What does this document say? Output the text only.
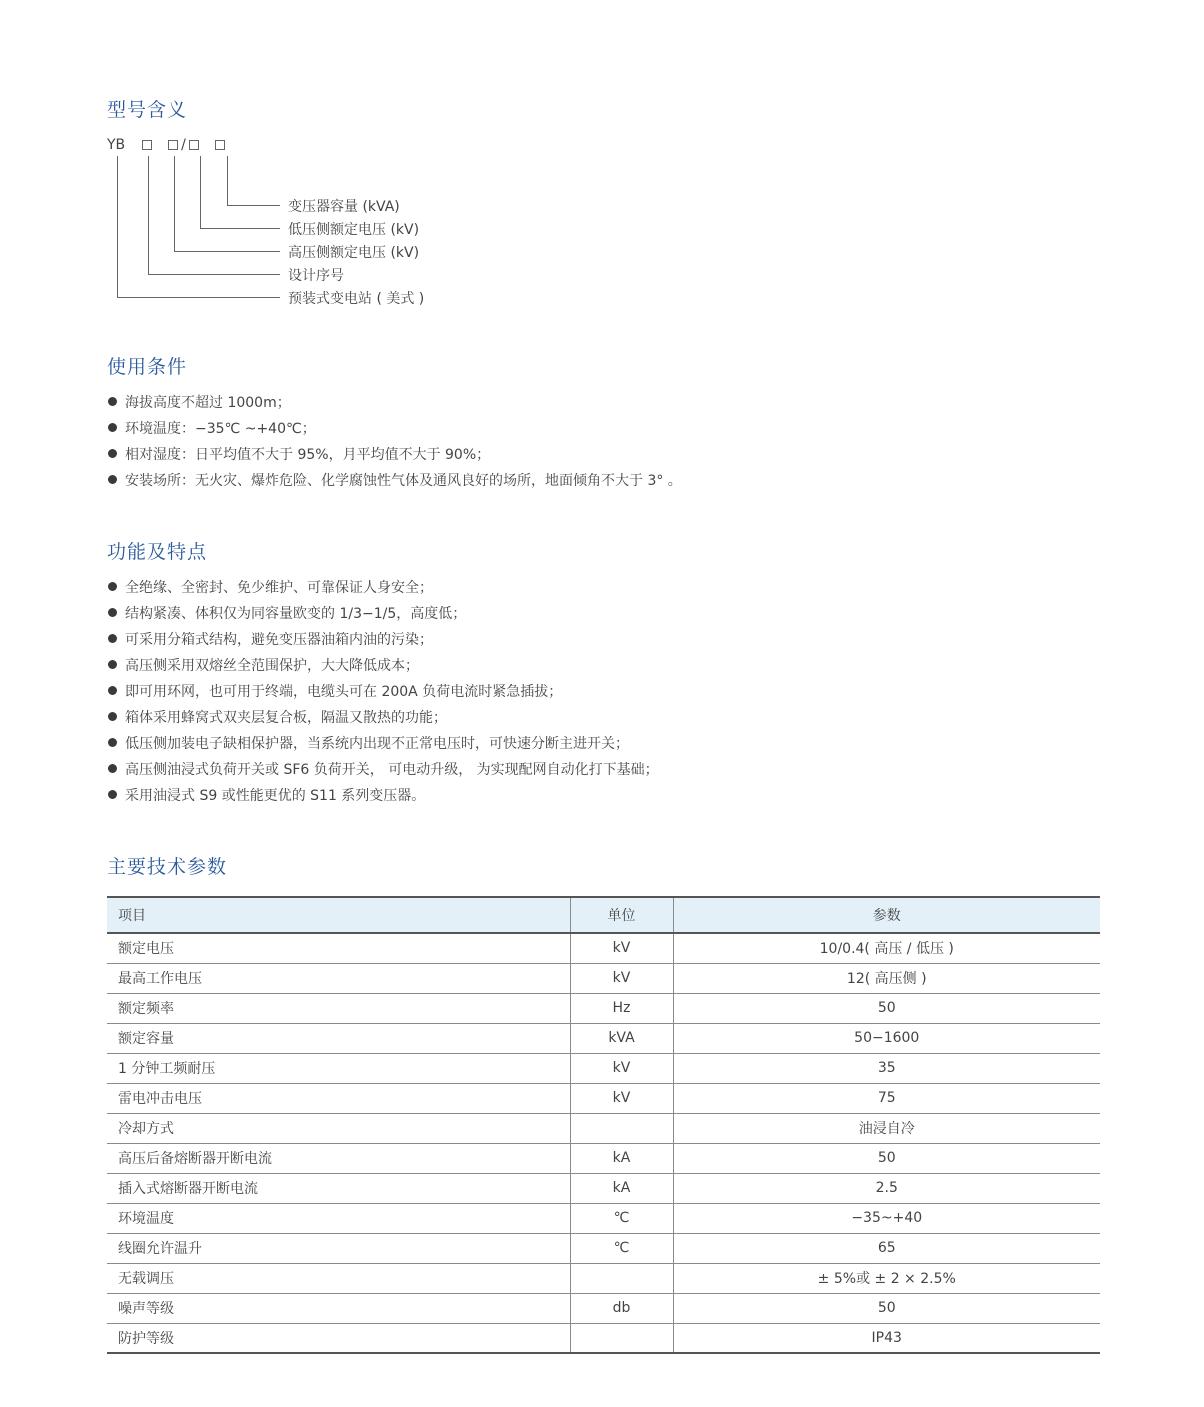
型号含义
YB	/
变压器容量 (kVA)
低压侧额定电压 (kV)
高压侧额定电压 (kV)
设计序号
预装式变电站 ( 美式 )
使用条件
海拔高度不超过 1000m；
环境温度：−35℃ ~+40℃；
相对湿度：日平均值不大于 95%，月平均值不大于 90%；
安装场所：无火灾、爆炸危险、化学腐蚀性气体及通风良好的场所，地面倾角不大于 3° 。
功能及特点
全绝缘、全密封、免少维护、可靠保证人身安全；
结构紧凑、体积仅为同容量欧变的 1/3−1/5，高度低；
可采用分箱式结构，避免变压器油箱内油的污染；
高压侧采用双熔丝全范围保护，大大降低成本；
即可用环网，也可用于终端，电缆头可在 200A 负荷电流时紧急插拔；
箱体采用蜂窝式双夹层复合板，隔温又散热的功能；
低压侧加装电子缺相保护器，当系统内出现不正常电压时，可快速分断主进开关；
高压侧油浸式负荷开关或 SF6 负荷开关， 可电动升级， 为实现配网自动化打下基础；
采用油浸式 S9 或性能更优的 S11 系列变压器。
主要技术参数
项目	单位	参数
额定电压	kV	10/0.4( 高压 / 低压 )
最高工作电压	kV	12( 高压侧 )
额定频率	Hz	50
额定容量	kVA	50−1600
1 分钟工频耐压	kV	35
雷电冲击电压	kV	75
冷却方式		油浸自冷
高压后备熔断器开断电流	kA	50
插入式熔断器开断电流	kA	2.5
环境温度	℃	−35~+40
线圈允许温升	℃	65
无载调压		± 5%或 ± 2 × 2.5%
噪声等级	db	50
防护等级		IP43
